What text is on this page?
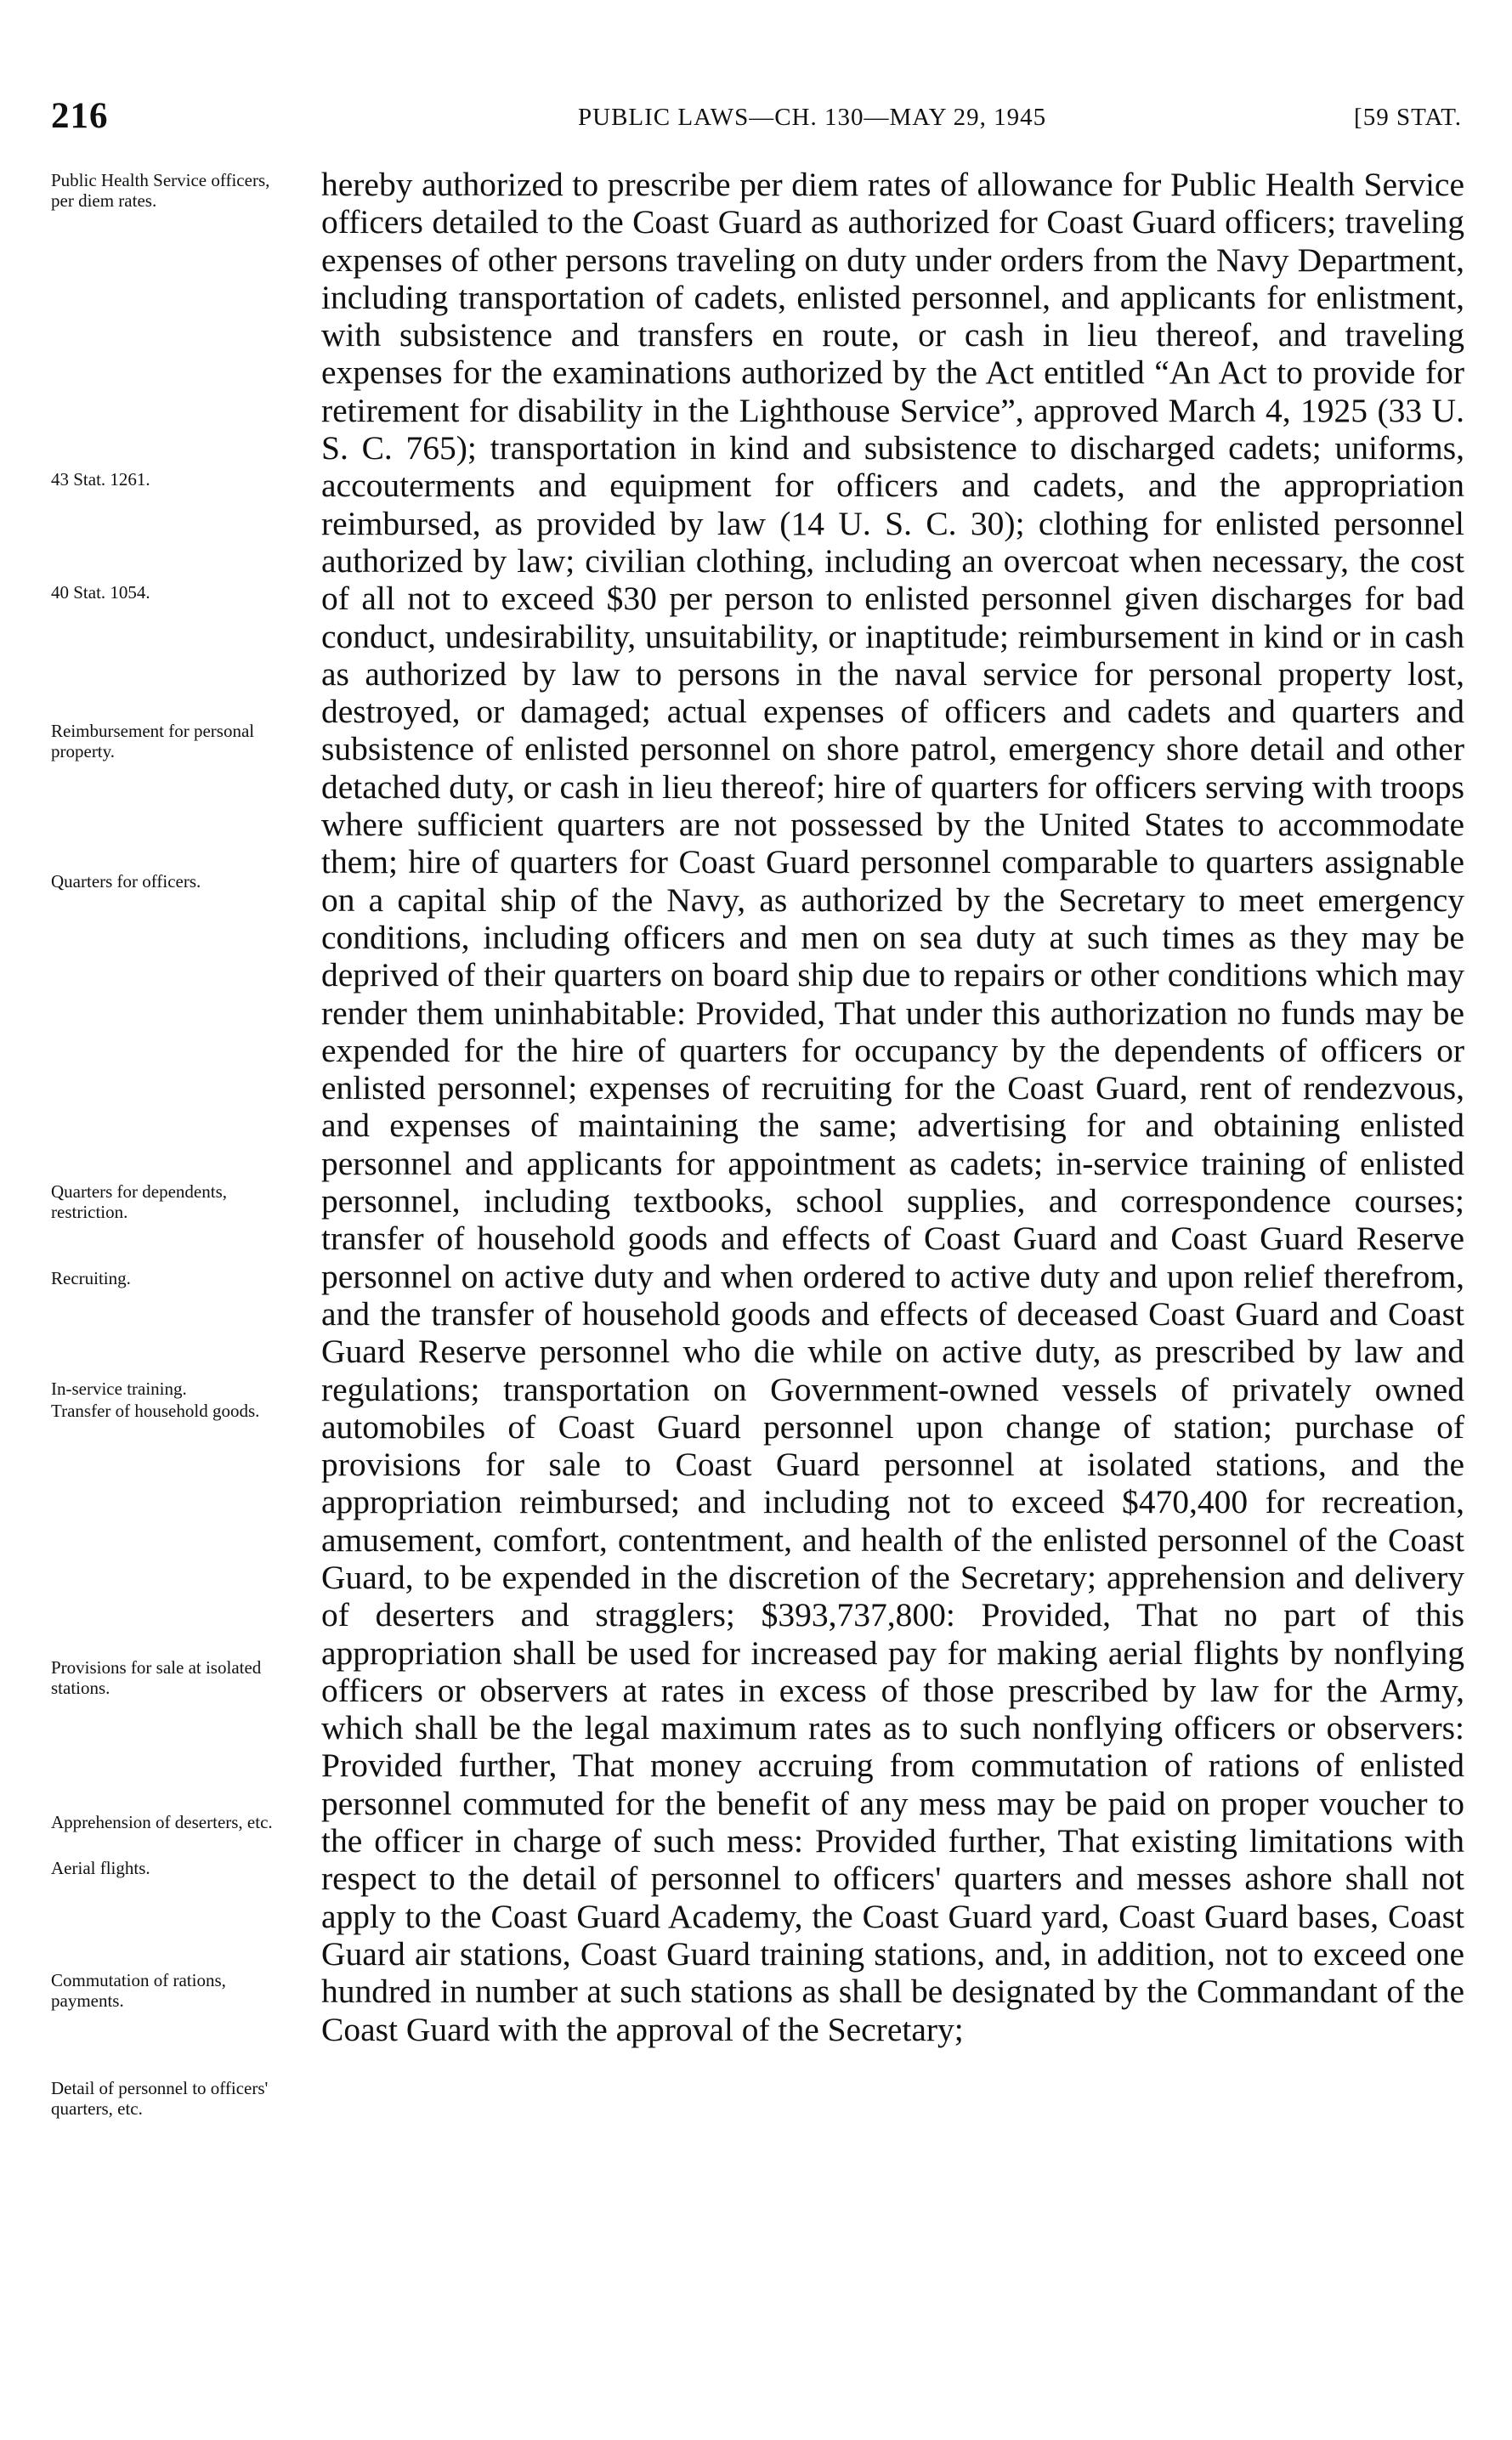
216	PUBLIC LAWS—CH. 130—MAY 29, 1945	[59 STAT.
Public Health Service officers, per diem rates.
43 Stat. 1261.
40 Stat. 1054.
Reimbursement for personal property.
Quarters for officers.
Quarters for dependents, restriction.
Recruiting.
In-service training.
Transfer of household goods.
Provisions for sale at isolated stations.
Apprehension of deserters, etc.
Aerial flights.
Commutation of rations, payments.
Detail of personnel to officers' quarters, etc.

hereby authorized to prescribe per diem rates of allowance for Public Health Service officers detailed to the Coast Guard as authorized for Coast Guard officers; traveling expenses of other persons traveling on duty under orders from the Navy Department, including transportation of cadets, enlisted personnel, and applicants for enlistment, with subsistence and transfers en route, or cash in lieu thereof, and traveling expenses for the examinations authorized by the Act entitled “An Act to provide for retirement for disability in the Lighthouse Service”, approved March 4, 1925 (33 U. S. C. 765); transportation in kind and subsistence to discharged cadets; uniforms, accouterments and equipment for officers and cadets, and the appropriation reimbursed, as provided by law (14 U. S. C. 30); clothing for enlisted personnel authorized by law; civilian clothing, including an overcoat when necessary, the cost of all not to exceed $30 per person to enlisted personnel given discharges for bad conduct, undesirability, unsuitability, or inaptitude; reimbursement in kind or in cash as authorized by law to persons in the naval service for personal property lost, destroyed, or damaged; actual expenses of officers and cadets and quarters and subsistence of enlisted personnel on shore patrol, emergency shore detail and other detached duty, or cash in lieu thereof; hire of quarters for officers serving with troops where sufficient quarters are not possessed by the United States to accommodate them; hire of quarters for Coast Guard personnel comparable to quarters assignable on a capital ship of the Navy, as authorized by the Secretary to meet emergency conditions, including officers and men on sea duty at such times as they may be deprived of their quarters on board ship due to repairs or other conditions which may render them uninhabitable: Provided, That under this authorization no funds may be expended for the hire of quarters for occupancy by the dependents of officers or enlisted personnel; expenses of recruiting for the Coast Guard, rent of rendezvous, and expenses of maintaining the same; advertising for and obtaining enlisted personnel and applicants for appointment as cadets; in-service training of enlisted personnel, including textbooks, school supplies, and correspondence courses; transfer of household goods and effects of Coast Guard and Coast Guard Reserve personnel on active duty and when ordered to active duty and upon relief therefrom, and the transfer of household goods and effects of deceased Coast Guard and Coast Guard Reserve personnel who die while on active duty, as prescribed by law and regulations; transportation on Government-owned vessels of privately owned automobiles of Coast Guard personnel upon change of station; purchase of provisions for sale to Coast Guard personnel at isolated stations, and the appropriation reimbursed; and including not to exceed $470,400 for recreation, amusement, comfort, contentment, and health of the enlisted personnel of the Coast Guard, to be expended in the discretion of the Secretary; apprehension and delivery of deserters and stragglers; $393,737,800: Provided, That no part of this appropriation shall be used for increased pay for making aerial flights by nonflying officers or observers at rates in excess of those prescribed by law for the Army, which shall be the legal maximum rates as to such nonflying officers or observers: Provided further, That money accruing from commutation of rations of enlisted personnel commuted for the benefit of any mess may be paid on proper voucher to the officer in charge of such mess: Provided further, That existing limitations with respect to the detail of personnel to officers' quarters and messes ashore shall not apply to the Coast Guard Academy, the Coast Guard yard, Coast Guard bases, Coast Guard air stations, Coast Guard training stations, and, in addition, not to exceed one hundred in number at such stations as shall be designated by the Commandant of the Coast Guard with the approval of the Secretary;
